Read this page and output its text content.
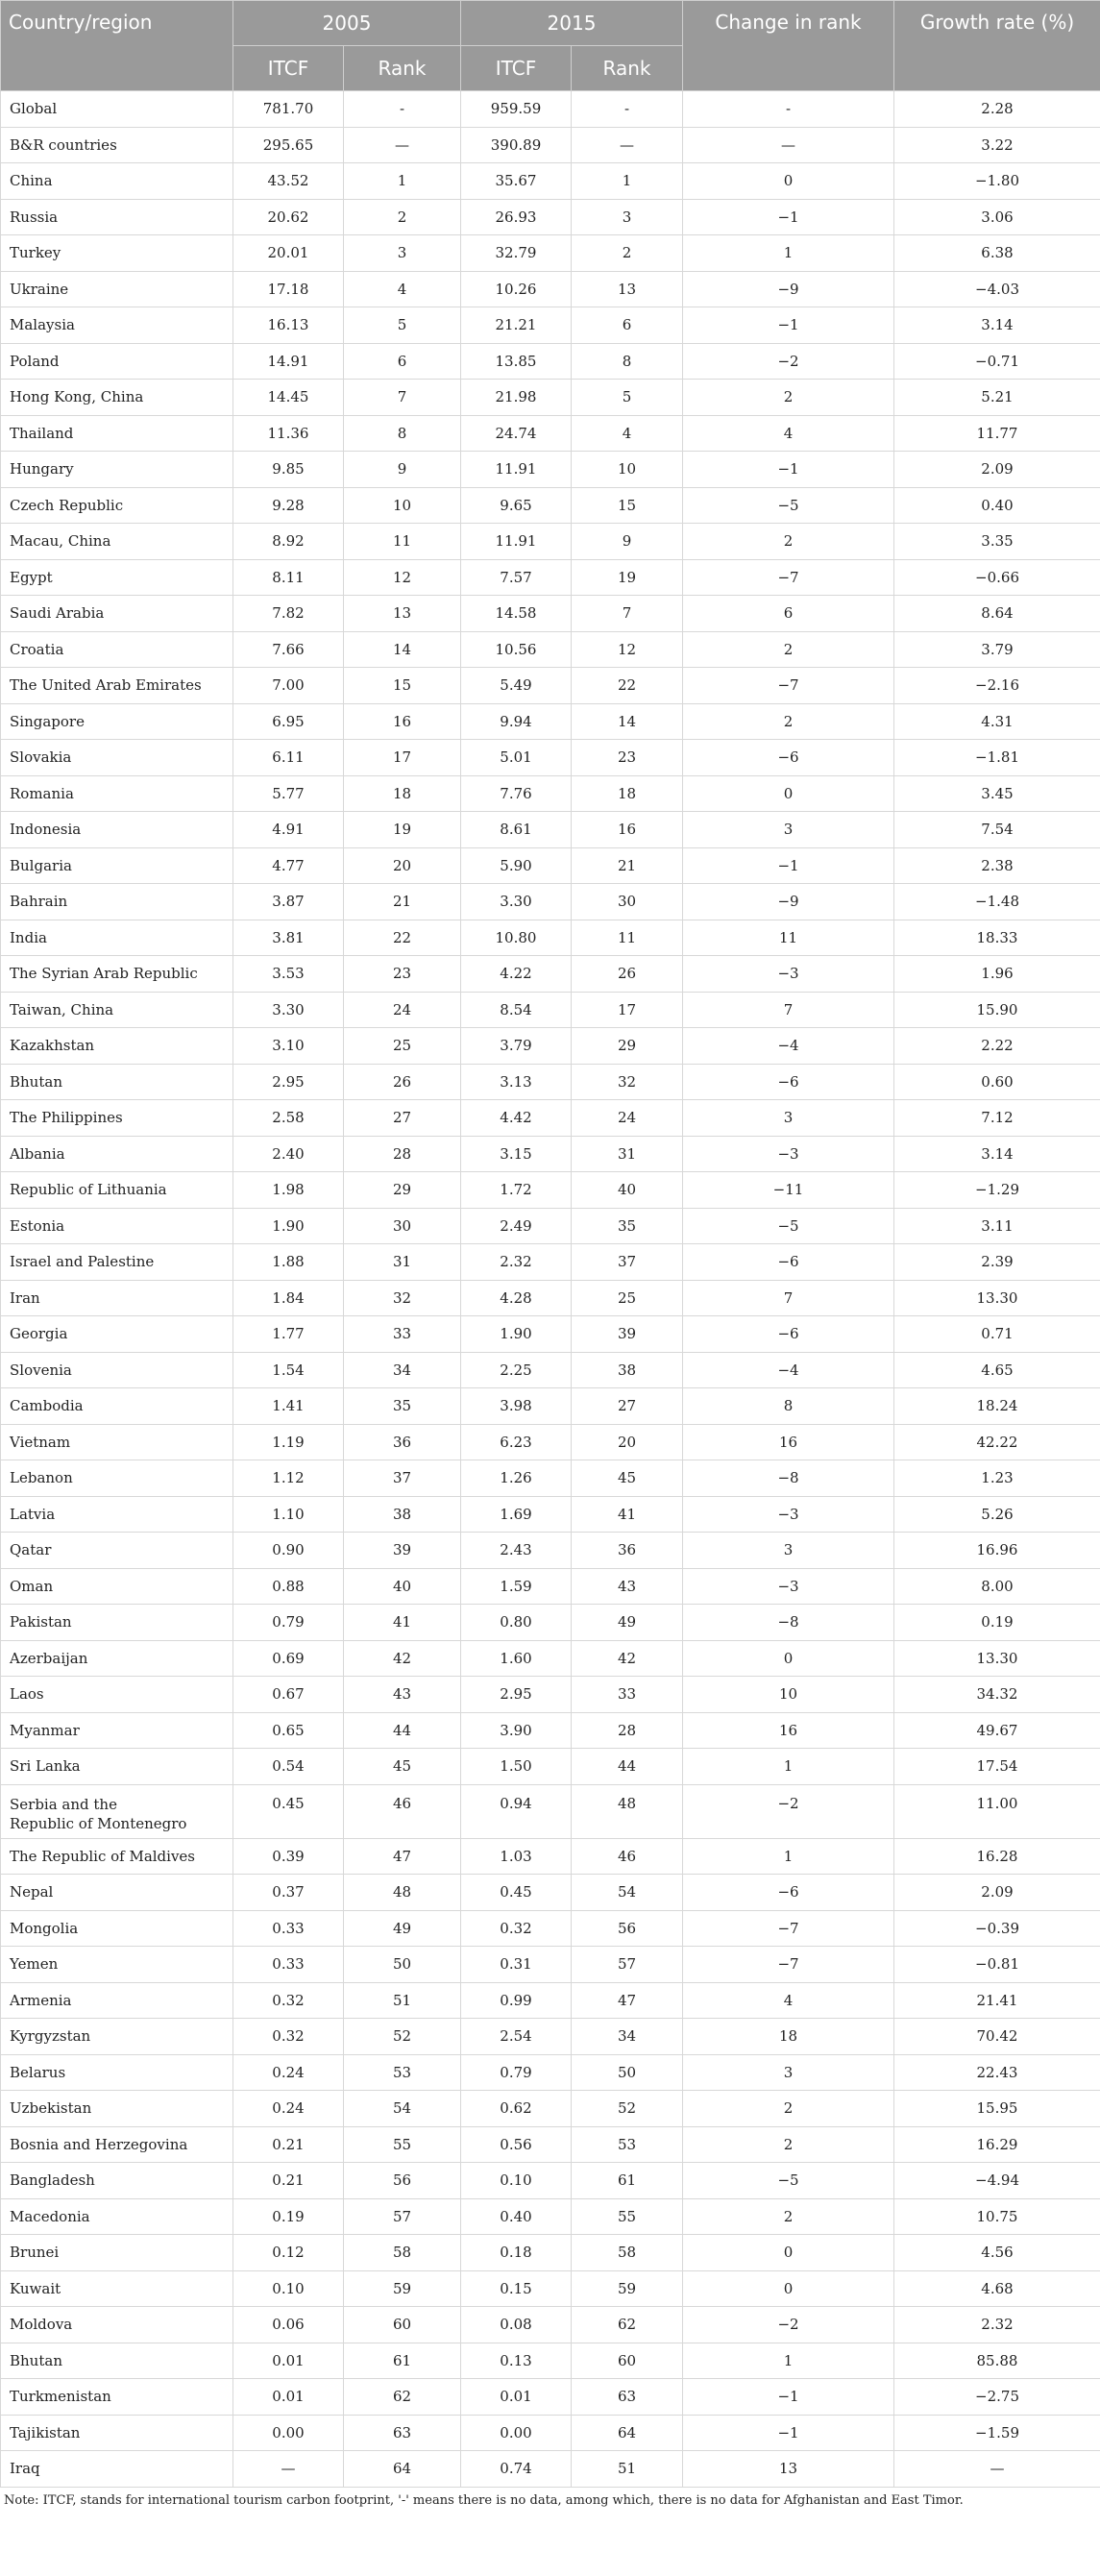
Country/region	2005		2015		Change in rank	Growth rate (%)
	ITCF	Rank	ITCF	Rank		
Global	781.70	-	959.59	-	-	2.28
B&R countries	295.65	—	390.89	—	—	3.22
China	43.52	1	35.67	1	0	−1.80
Russia	20.62	2	26.93	3	−1	3.06
Turkey	20.01	3	32.79	2	1	6.38
Ukraine	17.18	4	10.26	13	−9	−4.03
Malaysia	16.13	5	21.21	6	−1	3.14
Poland	14.91	6	13.85	8	−2	−0.71
Hong Kong, China	14.45	7	21.98	5	2	5.21
Thailand	11.36	8	24.74	4	4	11.77
Hungary	9.85	9	11.91	10	−1	2.09
Czech Republic	9.28	10	9.65	15	−5	0.40
Macau, China	8.92	11	11.91	9	2	3.35
Egypt	8.11	12	7.57	19	−7	−0.66
Saudi Arabia	7.82	13	14.58	7	6	8.64
Croatia	7.66	14	10.56	12	2	3.79
The United Arab Emirates	7.00	15	5.49	22	−7	−2.16
Singapore	6.95	16	9.94	14	2	4.31
Slovakia	6.11	17	5.01	23	−6	−1.81
Romania	5.77	18	7.76	18	0	3.45
Indonesia	4.91	19	8.61	16	3	7.54
Bulgaria	4.77	20	5.90	21	−1	2.38
Bahrain	3.87	21	3.30	30	−9	−1.48
India	3.81	22	10.80	11	11	18.33
The Syrian Arab Republic	3.53	23	4.22	26	−3	1.96
Taiwan, China	3.30	24	8.54	17	7	15.90
Kazakhstan	3.10	25	3.79	29	−4	2.22
Bhutan	2.95	26	3.13	32	−6	0.60
The Philippines	2.58	27	4.42	24	3	7.12
Albania	2.40	28	3.15	31	−3	3.14
Republic of Lithuania	1.98	29	1.72	40	−11	−1.29
Estonia	1.90	30	2.49	35	−5	3.11
Israel and Palestine	1.88	31	2.32	37	−6	2.39
Iran	1.84	32	4.28	25	7	13.30
Georgia	1.77	33	1.90	39	−6	0.71
Slovenia	1.54	34	2.25	38	−4	4.65
Cambodia	1.41	35	3.98	27	8	18.24
Vietnam	1.19	36	6.23	20	16	42.22
Lebanon	1.12	37	1.26	45	−8	1.23
Latvia	1.10	38	1.69	41	−3	5.26
Qatar	0.90	39	2.43	36	3	16.96
Oman	0.88	40	1.59	43	−3	8.00
Pakistan	0.79	41	0.80	49	−8	0.19
Azerbaijan	0.69	42	1.60	42	0	13.30
Laos	0.67	43	2.95	33	10	34.32
Myanmar	0.65	44	3.90	28	16	49.67
Sri Lanka	0.54	45	1.50	44	1	17.54

Serbia and the
Republic of Montenegro	0.45	46	0.94	48	−2	11.00
The Republic of Maldives	0.39	47	1.03	46	1	16.28
Nepal	0.37	48	0.45	54	−6	2.09
Mongolia	0.33	49	0.32	56	−7	−0.39
Yemen	0.33	50	0.31	57	−7	−0.81
Armenia	0.32	51	0.99	47	4	21.41
Kyrgyzstan	0.32	52	2.54	34	18	70.42
Belarus	0.24	53	0.79	50	3	22.43
Uzbekistan	0.24	54	0.62	52	2	15.95
Bosnia and Herzegovina	0.21	55	0.56	53	2	16.29
Bangladesh	0.21	56	0.10	61	−5	−4.94
Macedonia	0.19	57	0.40	55	2	10.75
Brunei	0.12	58	0.18	58	0	4.56
Kuwait	0.10	59	0.15	59	0	4.68
Moldova	0.06	60	0.08	62	−2	2.32
Bhutan	0.01	61	0.13	60	1	85.88
Turkmenistan	0.01	62	0.01	63	−1	−2.75
Tajikistan	0.00	63	0.00	64	−1	−1.59
Iraq	—	64	0.74	51	13	—
Note: ITCF, stands for international tourism carbon footprint, '-' means there is no data, among which, there is no data for Afghanistan and East Timor.
